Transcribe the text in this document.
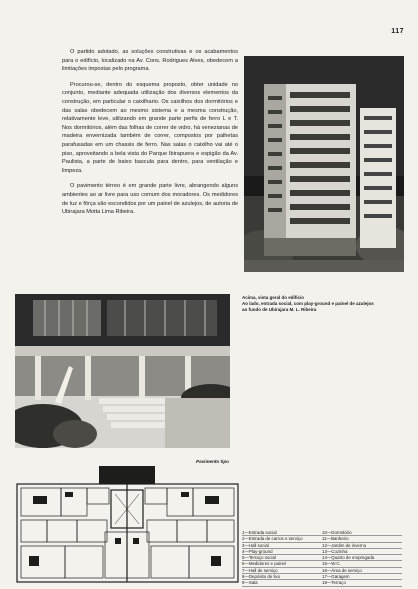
117

O partido adotado, as soluções construtivas e os acabamentos para o edifício, localizado na Av. Cons. Rodrigues Alves, obedecem a limitações impostas pelo programa.

Procurou-se, dentro do esquema proposto, obter unidade no conjunto, mediante adequada utilização dos diversos elementos da construção, em particular o caixilhario. Os caixilhos dos dormitórios e das salas obedecem ao mesmo sistema e a mesma construção, relativamente leve, utilizando em grande parte perfis de ferro L e T. Nos dormitórios, além das folhas de correr de vidro, há venezianas de madeira envernizada também de correr, compostos por palhetas parafusadas em um chassis de ferro. Nas salas o caixilho vai até o piso, aproveitando a bela vista do Parque Ibirapuera e espigão da Av. Paulista, a parte de baixo bascula para dentro, para ventilação e limpeza.

O pavimento térreo é em grande parte livre, abrangendo alguns ambientes ao ar livre para uso comum dos moradores. Os medidores de luz e fôrça são escondidos por um painel de azulejos, de autoria de Ubirajara Motta Lima Ribeira.

Acima, vista geral do edifício
Ao lado, entrada social, com play-ground e painel de azulejos
ao fundo de Ubirajara M. L. Ribeira
Pavimento tipo
1—Entrada social
2—Entrada de carros e serviço
3—Hall social
4—Play-ground
5—Terraço social
6—Medidores e painel
7—Hall de serviço
8—Depósito de lixo
9—Sala
10—Dormitório
11—Banheiro
12—Jardim de inverno
13—Cozinha
14—Quarto de empregada
15—W.C.
16—Área de serviço
17—Garagem
18—Terraço
